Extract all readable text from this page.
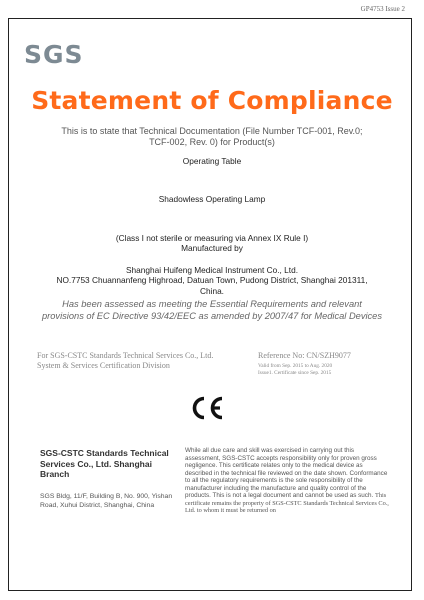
GP4753 Issue 2
SGS
Statement of Compliance
This is to state that Technical Documentation (File Number TCF-001, Rev.0; TCF-002, Rev. 0) for Product(s)
Operating Table
Shadowless Operating Lamp
(Class I not sterile or measuring via Annex IX Rule I)
Manufactured by
Shanghai Huifeng Medical Instrument Co., Ltd.
NO.7753 Chuannanfeng Highroad, Datuan Town, Pudong District, Shanghai 201311, China.
Has been assessed as meeting the Essential Requirements and relevant provisions of EC Directive 93/42/EEC as amended by 2007/47 for Medical Devices
For SGS-CSTC Standards Technical Services Co., Ltd.
System & Services Certification Division
Reference No: CN/SZH9077
Valid from Sep. 2015 to Aug. 2020
Issue1. Certificate since Sep. 2015
SGS-CSTC Standards Technical Services Co., Ltd. Shanghai Branch
SGS Bldg, 11/F, Building B, No. 900, Yishan Road, Xuhui District, Shanghai, China
While all due care and skill was exercised in carrying out this assessment, SGS-CSTC accepts responsibility only for proven gross negligence. This certificate relates only to the medical device as described in the technical file reviewed on the date shown. Conformance to all the regulatory requirements is the sole responsibility of the manufacturer including the manufacture and quality control of the products. This is not a legal document and cannot be used as such. This certificate remains the property of SGS-CSTC Standards Technical Services Co., Ltd. to whom it must be returned on
